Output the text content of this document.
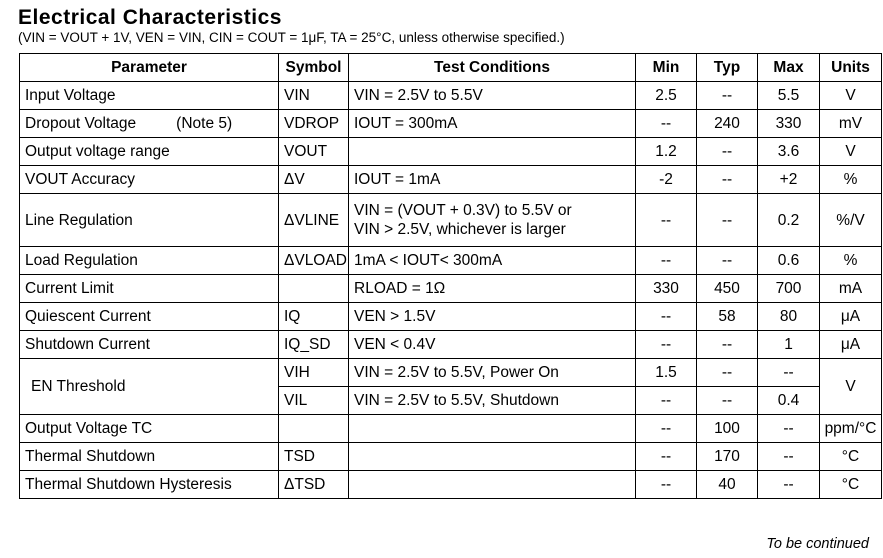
Electrical Characteristics
(VIN = VOUT + 1V, VEN = VIN, CIN = COUT = 1μF, TA = 25°C, unless otherwise specified.)
Parameter	Symbol	Test Conditions	Min	Typ	Max	Units
Input Voltage	VIN	VIN = 2.5V to 5.5V	2.5	--	5.5	V
Dropout Voltage (Note 5)	VDROP	IOUT = 300mA	--	240	330	mV
Output voltage range	VOUT		1.2	--	3.6	V
VOUT Accuracy	ΔV	IOUT = 1mA	-2	--	+2	%
Line Regulation	ΔVLINE	VIN = (VOUT + 0.3V) to 5.5V or
VIN > 2.5V, whichever is larger	--	--	0.2	%/V
Load Regulation	ΔVLOAD	1mA < IOUT< 300mA	--	--	0.6	%
Current Limit		RLOAD = 1Ω	330	450	700	mA
Quiescent Current	IQ	VEN > 1.5V	--	58	80	μA
Shutdown Current	IQ_SD	VEN < 0.4V	--	--	1	μA
EN Threshold	VIH	VIN = 2.5V to 5.5V, Power On	1.5	--	--	V
	VIL	VIN = 2.5V to 5.5V, Shutdown	--	--	0.4	
Output Voltage TC			--	100	--	ppm/°C
Thermal Shutdown	TSD		--	170	--	°C
Thermal Shutdown Hysteresis	ΔTSD		--	40	--	°C
To be continued
